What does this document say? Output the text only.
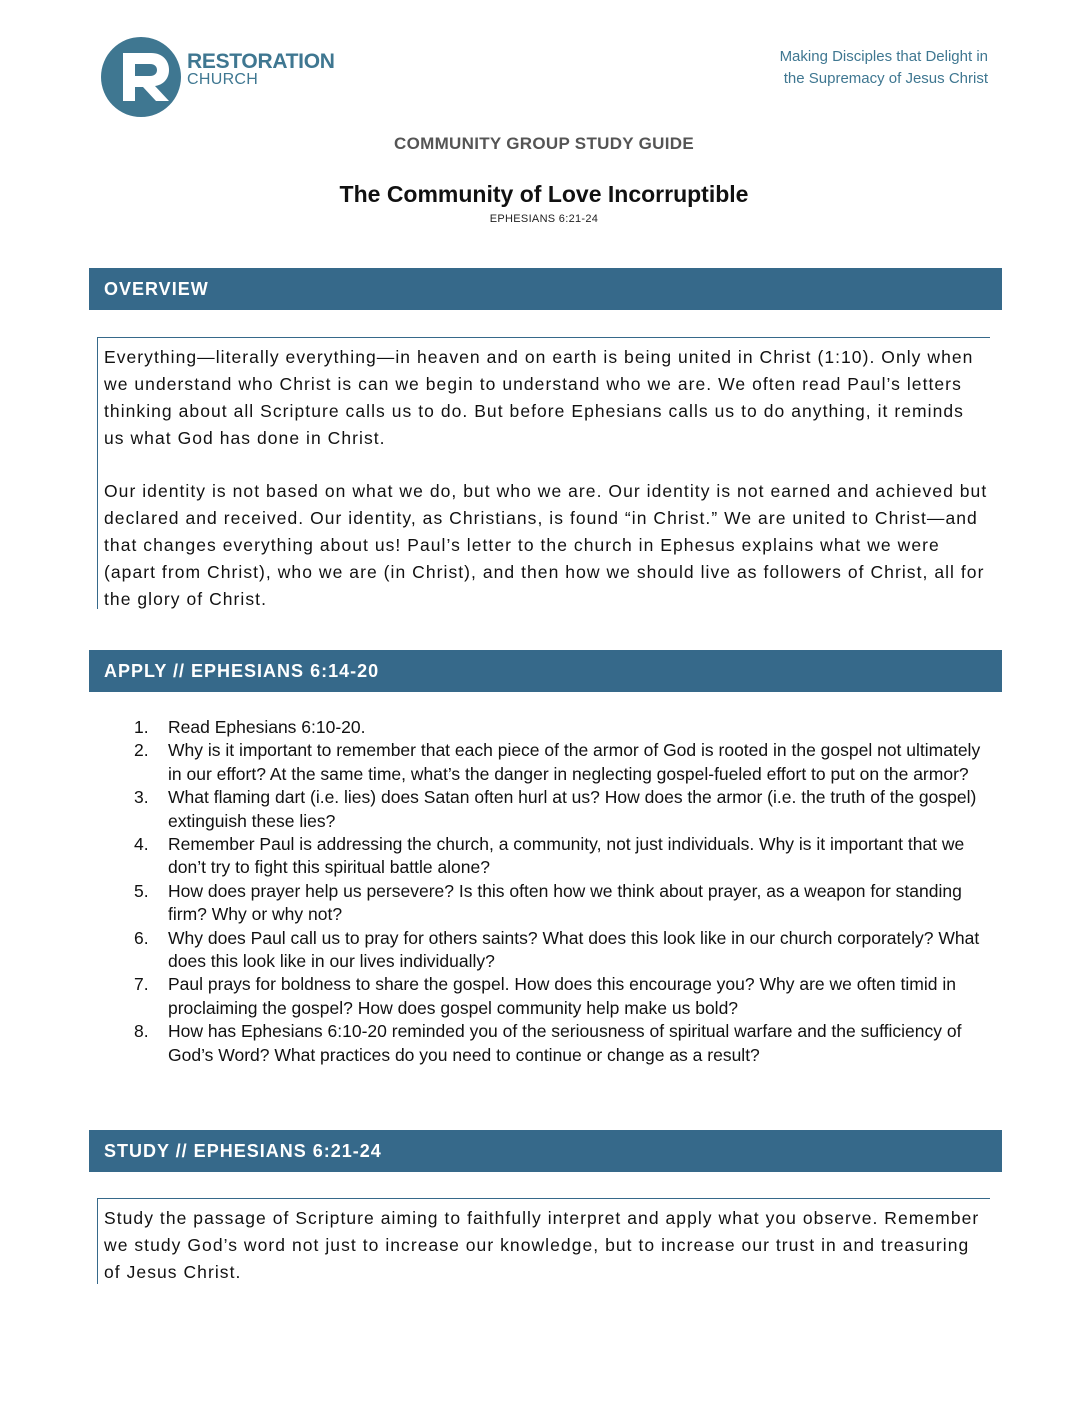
RESTORATION
CHURCH
Making Disciples that Delight in
the Supremacy of Jesus Christ
COMMUNITY GROUP STUDY GUIDE
The Community of Love Incorruptible
EPHESIANS 6:21-24
OVERVIEW

Everything—literally everything—in heaven and on earth is being united in Christ (1:10). Only when we understand who Christ is can we begin to understand who we are. We often read Paul’s letters thinking about all Scripture calls us to do. But before Ephesians calls us to do anything, it reminds us what God has done in Christ.

Our identity is not based on what we do, but who we are. Our identity is not earned and achieved but declared and received. Our identity, as Christians, is found “in Christ.” We are united to Christ—and that changes everything about us! Paul’s letter to the church in Ephesus explains what we were (apart from Christ), who we are (in Christ), and then how we should live as followers of Christ, all for the glory of Christ.

APPLY // EPHESIANS 6:14-20
1. Read Ephesians 6:10-20.
2. Why is it important to remember that each piece of the armor of God is rooted in the gospel not ultimately in our effort? At the same time, what’s the danger in neglecting gospel-fueled effort to put on the armor?
3. What flaming dart (i.e. lies) does Satan often hurl at us? How does the armor (i.e. the truth of the gospel) extinguish these lies?
4. Remember Paul is addressing the church, a community, not just individuals. Why is it important that we don’t try to fight this spiritual battle alone?
5. How does prayer help us persevere? Is this often how we think about prayer, as a weapon for standing firm? Why or why not?
6. Why does Paul call us to pray for others saints? What does this look like in our church corporately? What does this look like in our lives individually?
7. Paul prays for boldness to share the gospel. How does this encourage you? Why are we often timid in proclaiming the gospel? How does gospel community help make us bold?
8. How has Ephesians 6:10-20 reminded you of the seriousness of spiritual warfare and the sufficiency of God’s Word? What practices do you need to continue or change as a result?
STUDY // EPHESIANS 6:21-24

Study the passage of Scripture aiming to faithfully interpret and apply what you observe. Remember we study God’s word not just to increase our knowledge, but to increase our trust in and treasuring of Jesus Christ.
